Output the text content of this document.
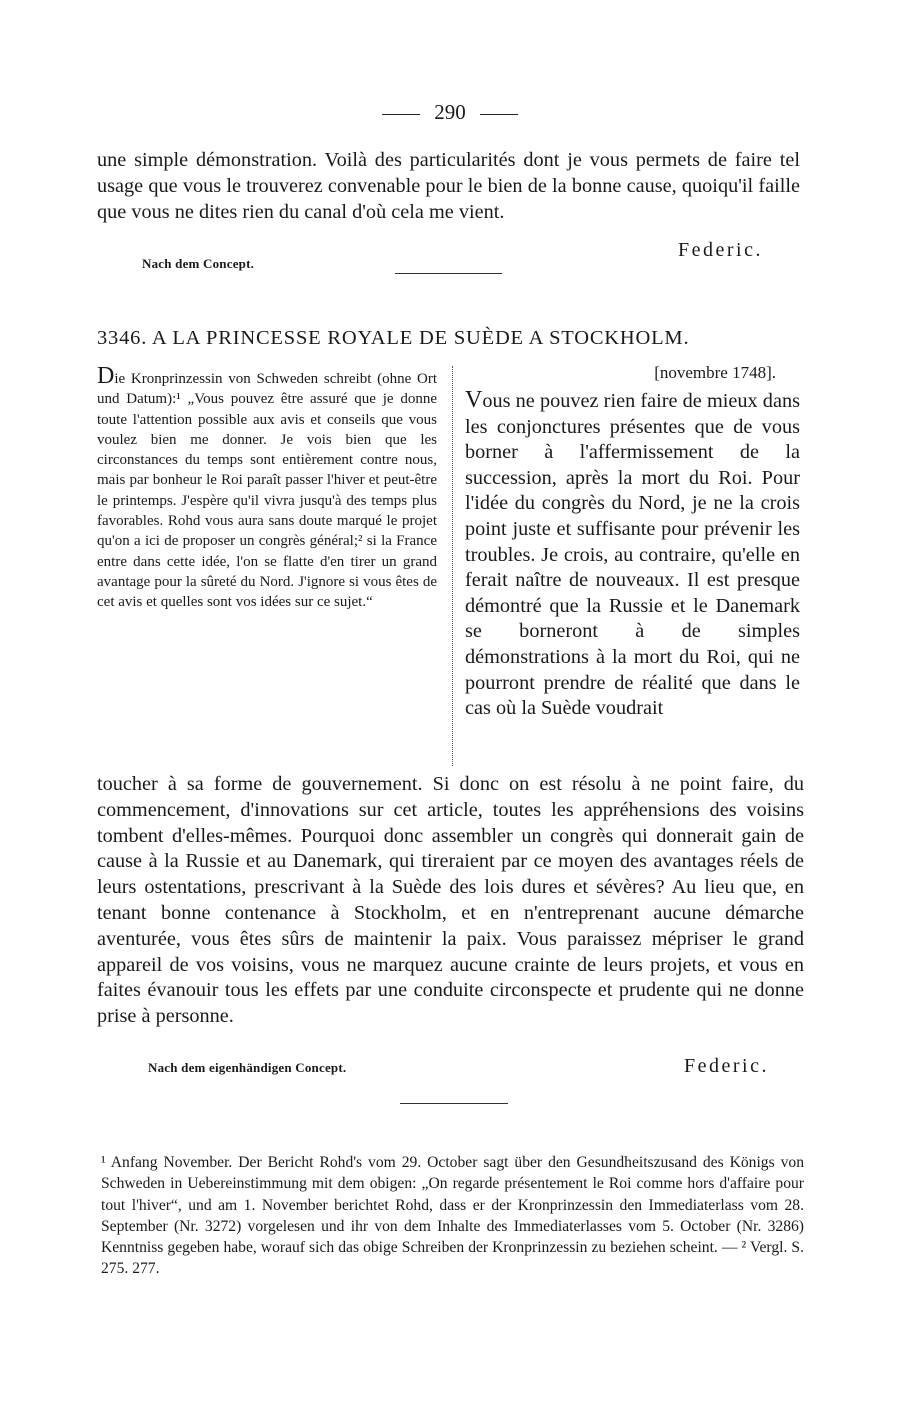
290
une simple démonstration. Voilà des particularités dont je vous permets de faire tel usage que vous le trouverez convenable pour le bien de la bonne cause, quoiqu'il faille que vous ne dites rien du canal d'où cela me vient.
Nach dem Concept.
Federic.
3346. A LA PRINCESSE ROYALE DE SUÈDE A STOCKHOLM.
Die Kronprinzessin von Schweden schreibt (ohne Ort und Datum):¹ „Vous pouvez être assuré que je donne toute l'attention possible aux avis et conseils que vous voulez bien me donner. Je vois bien que les circonstances du temps sont entièrement contre nous, mais par bonheur le Roi paraît passer l'hiver et peut-être le printemps. J'espère qu'il vivra jusqu'à des temps plus favorables. Rohd vous aura sans doute marqué le projet qu'on a ici de proposer un congrès général;² si la France entre dans cette idée, l'on se flatte d'en tirer un grand avantage pour la sûreté du Nord. J'ignore si vous êtes de cet avis et quelles sont vos idées sur ce sujet.“
[novembre 1748].
Vous ne pouvez rien faire de mieux dans les conjonctures présentes que de vous borner à l'affermissement de la succession, après la mort du Roi. Pour l'idée du congrès du Nord, je ne la crois point juste et suffisante pour prévenir les troubles. Je crois, au contraire, qu'elle en ferait naître de nouveaux. Il est presque démontré que la Russie et le Danemark se borneront à de simples démonstrations à la mort du Roi, qui ne pourront prendre de réalité que dans le cas où la Suède voudrait
toucher à sa forme de gouvernement. Si donc on est résolu à ne point faire, du commencement, d'innovations sur cet article, toutes les appréhensions des voisins tombent d'elles-mêmes. Pourquoi donc assembler un congrès qui donnerait gain de cause à la Russie et au Danemark, qui tireraient par ce moyen des avantages réels de leurs ostentations, prescrivant à la Suède des lois dures et sévères? Au lieu que, en tenant bonne contenance à Stockholm, et en n'entreprenant aucune démarche aventurée, vous êtes sûrs de maintenir la paix. Vous paraissez mépriser le grand appareil de vos voisins, vous ne marquez aucune crainte de leurs projets, et vous en faites évanouir tous les effets par une conduite circonspecte et prudente qui ne donne prise à personne.
Nach dem eigenhändigen Concept.	Federic.
¹ Anfang November. Der Bericht Rohd's vom 29. October sagt über den Gesundheitszusand des Königs von Schweden in Uebereinstimmung mit dem obigen: „On regarde présentement le Roi comme hors d'affaire pour tout l'hiver“, und am 1. November berichtet Rohd, dass er der Kronprinzessin den Immediaterlass vom 28. September (Nr. 3272) vorgelesen und ihr von dem Inhalte des Immediaterlasses vom 5. October (Nr. 3286) Kenntniss gegeben habe, worauf sich das obige Schreiben der Kronprinzessin zu beziehen scheint. — ² Vergl. S. 275. 277.
